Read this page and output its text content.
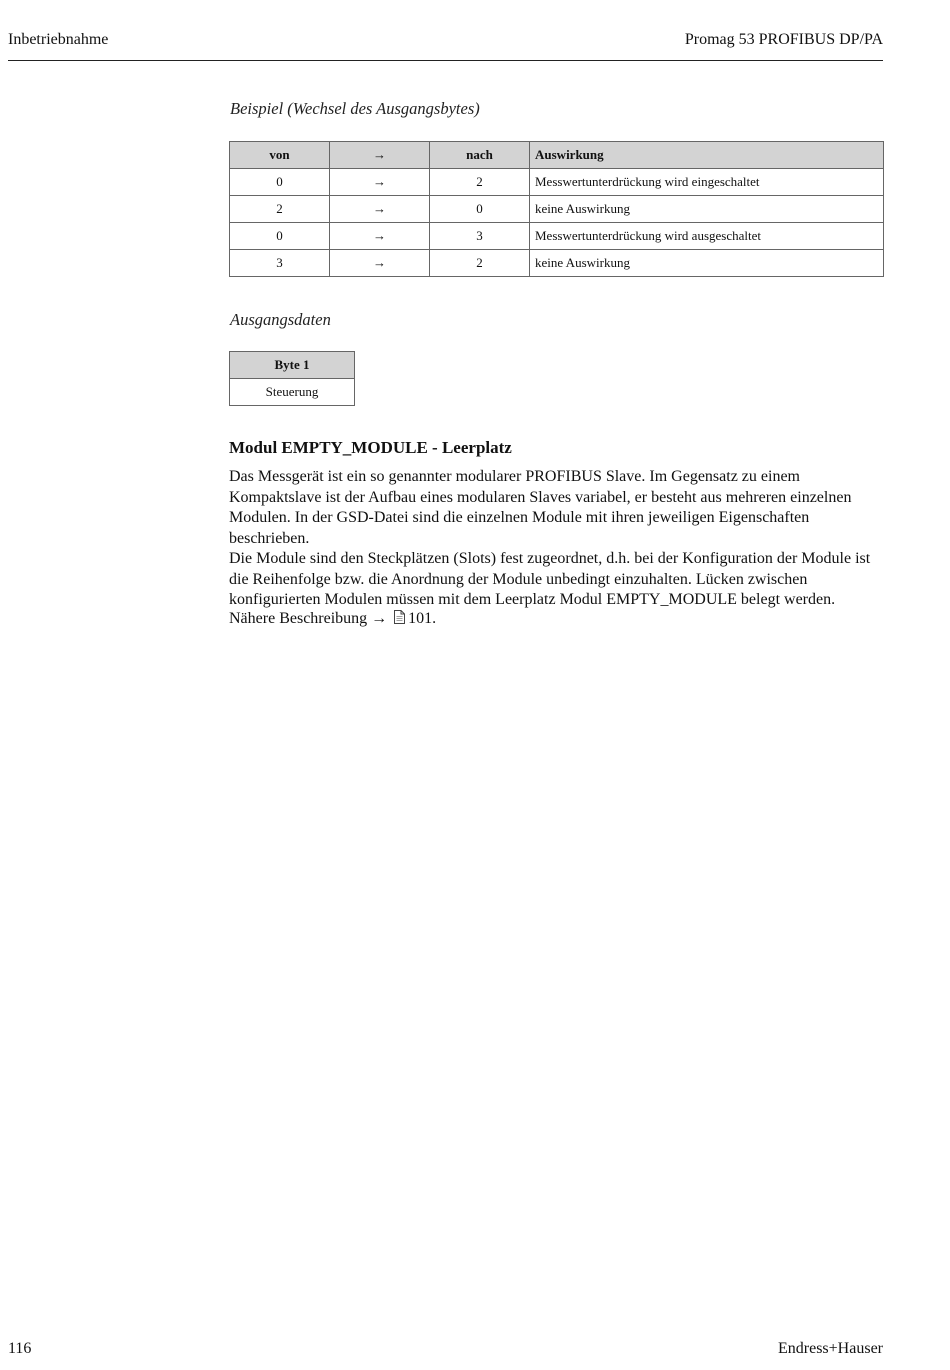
Inbetriebnahme	Promag 53 PROFIBUS DP/PA
Beispiel (Wechsel des Ausgangsbytes)
von	→	nach	Auswirkung
0	→	2	Messwertunterdrückung wird eingeschaltet
2	→	0	keine Auswirkung
0	→	3	Messwertunterdrückung wird ausgeschaltet
3	→	2	keine Auswirkung
Ausgangsdaten
Byte 1
Steuerung
Modul EMPTY_MODULE - Leerplatz

Das Messgerät ist ein so genannter modularer PROFIBUS Slave. Im Gegensatz zu einem Kompaktslave ist der Aufbau eines modularen Slaves variabel, er besteht aus mehreren einzelnen Modulen. In der GSD-Datei sind die einzelnen Module mit ihren jeweiligen Eigenschaften beschrieben.

Die Module sind den Steckplätzen (Slots) fest zugeordnet, d.h. bei der Konfiguration der Module ist die Reihenfolge bzw. die Anordnung der Module unbedingt einzuhalten. Lücken zwischen konfigurierten Modulen müssen mit dem Leerplatz Modul EMPTY_MODULE belegt werden.

Nähere Beschreibung → 101.
116	Endress+Hauser
